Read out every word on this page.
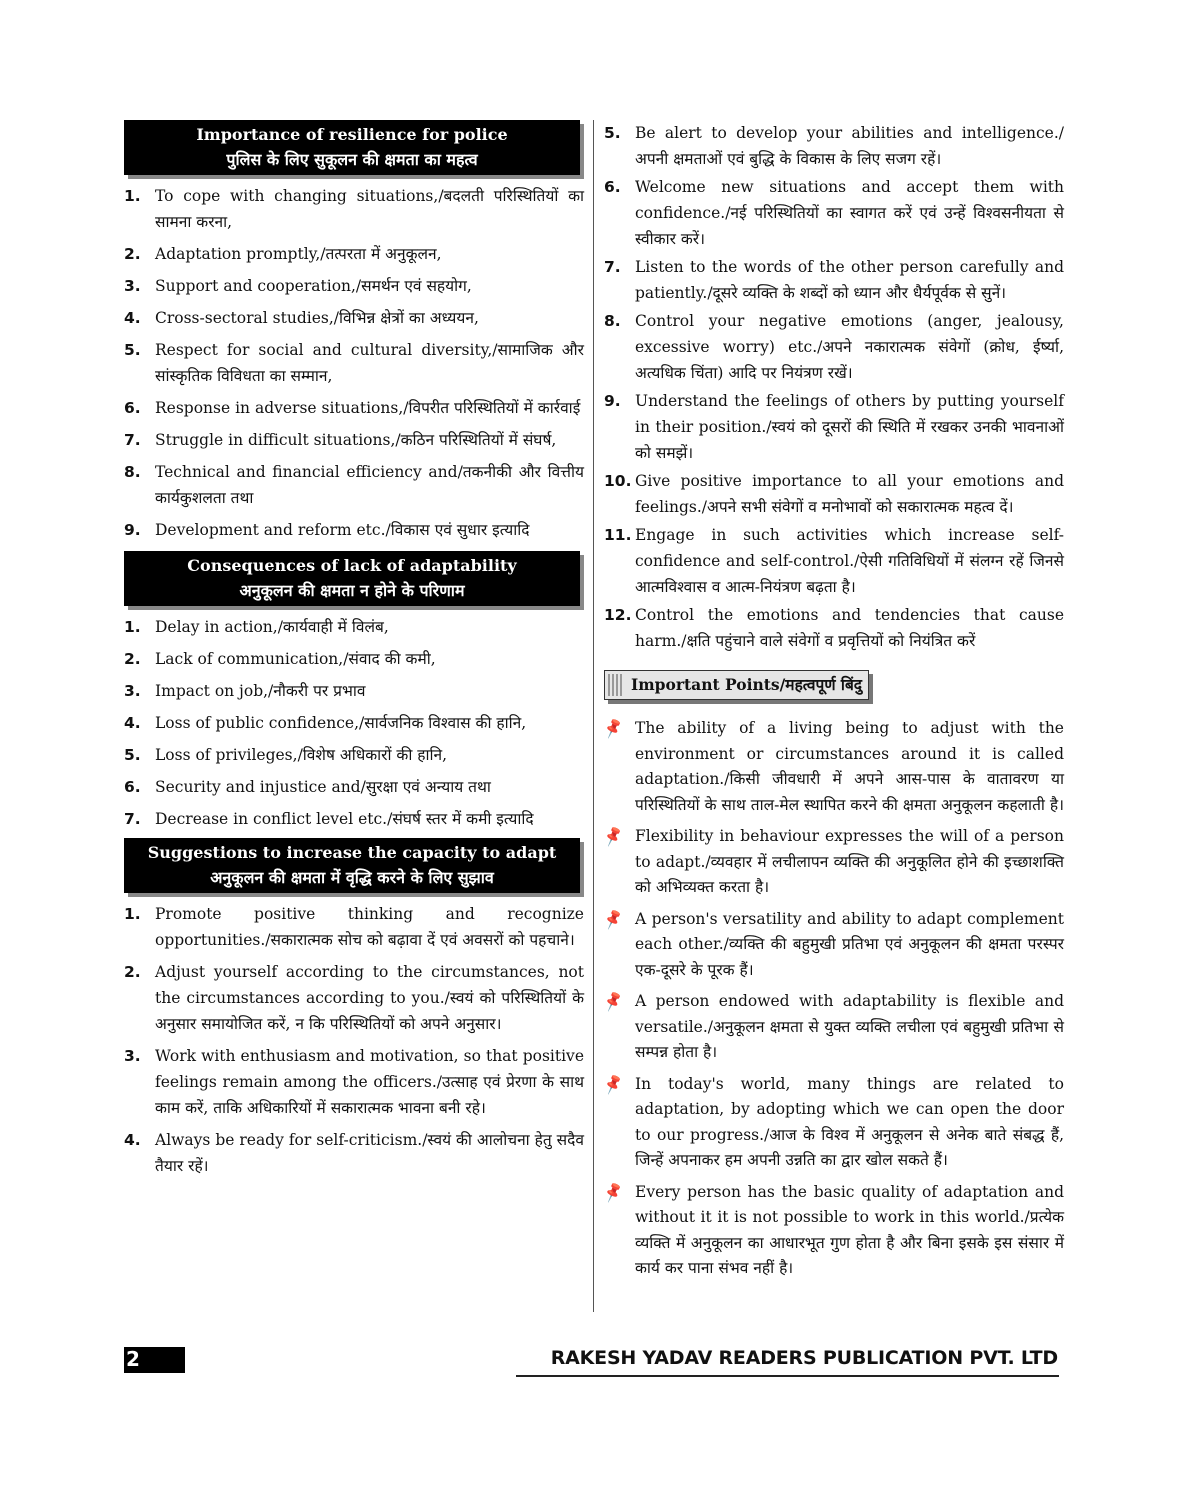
Importance of resilience for police
पुलिस के लिए सुकूलन की क्षमता का महत्व
1. To cope with changing situations,/बदलती परिस्थितियों का सामना करना,
2. Adaptation promptly,/तत्परता में अनुकूलन,
3. Support and cooperation,/समर्थन एवं सहयोग,
4. Cross-sectoral studies,/विभिन्न क्षेत्रों का अध्ययन,
5. Respect for social and cultural diversity,/सामाजिक और सांस्कृतिक विविधता का सम्मान,
6. Response in adverse situations,/विपरीत परिस्थितियों में कार्रवाई
7. Struggle in difficult situations,/कठिन परिस्थितियों में संघर्ष,
8. Technical and financial efficiency and/तकनीकी और वित्तीय कार्यकुशलता तथा
9. Development and reform etc./विकास एवं सुधार इत्यादि
Consequences of lack of adaptability
अनुकूलन की क्षमता न होने के परिणाम
1. Delay in action,/कार्यवाही में विलंब,
2. Lack of communication,/संवाद की कमी,
3. Impact on job,/नौकरी पर प्रभाव
4. Loss of public confidence,/सार्वजनिक विश्वास की हानि,
5. Loss of privileges,/विशेष अधिकारों की हानि,
6. Security and injustice and/सुरक्षा एवं अन्याय तथा
7. Decrease in conflict level etc./संघर्ष स्तर में कमी इत्यादि
Suggestions to increase the capacity to adapt
अनुकूलन की क्षमता में वृद्धि करने के लिए सुझाव
1. Promote positive thinking and recognize opportunities./सकारात्मक सोच को बढ़ावा दें एवं अवसरों को पहचाने।
2. Adjust yourself according to the circumstances, not the circumstances according to you./स्वयं को परिस्थितियों के अनुसार समायोजित करें, न कि परिस्थितियों को अपने अनुसार।
3. Work with enthusiasm and motivation, so that positive feelings remain among the officers./उत्साह एवं प्रेरणा के साथ काम करें, ताकि अधिकारियों में सकारात्मक भावना बनी रहे।
4. Always be ready for self-criticism./स्वयं की आलोचना हेतु सदैव तैयार रहें।
5. Be alert to develop your abilities and intelligence./ अपनी क्षमताओं एवं बुद्धि के विकास के लिए सजग रहें।
6. Welcome new situations and accept them with confidence./नई परिस्थितियों का स्वागत करें एवं उन्हें विश्वसनीयता से स्वीकार करें।
7. Listen to the words of the other person carefully and patiently./दूसरे व्यक्ति के शब्दों को ध्यान और धैर्यपूर्वक से सुनें।
8. Control your negative emotions (anger, jealousy, excessive worry) etc./अपने नकारात्मक संवेगों (क्रोध, ईर्ष्या, अत्यधिक चिंता) आदि पर नियंत्रण रखें।
9. Understand the feelings of others by putting yourself in their position./स्वयं को दूसरों की स्थिति में रखकर उनकी भावनाओं को समझें।
10. Give positive importance to all your emotions and feelings./अपने सभी संवेगों व मनोभावों को सकारात्मक महत्व दें।
11. Engage in such activities which increase self-confidence and self-control./ऐसी गतिविधियों में संलग्न रहें जिनसे आत्मविश्वास व आत्म-नियंत्रण बढ़ता है।
12. Control the emotions and tendencies that cause harm./क्षति पहुंचाने वाले संवेगों व प्रवृत्तियों को नियंत्रित करें
Important Points/महत्वपूर्ण बिंदु
📌 The ability of a living being to adjust with the environment or circumstances around it is called adaptation./किसी जीवधारी में अपने आस-पास के वातावरण या परिस्थितियों के साथ ताल-मेल स्थापित करने की क्षमता अनुकूलन कहलाती है।
📌 Flexibility in behaviour expresses the will of a person to adapt./व्यवहार में लचीलापन व्यक्ति की अनुकूलित होने की इच्छाशक्ति को अभिव्यक्त करता है।
📌 A person's versatility and ability to adapt complement each other./व्यक्ति की बहुमुखी प्रतिभा एवं अनुकूलन की क्षमता परस्पर एक-दूसरे के पूरक हैं।
📌 A person endowed with adaptability is flexible and versatile./अनुकूलन क्षमता से युक्त व्यक्ति लचीला एवं बहुमुखी प्रतिभा से सम्पन्न होता है।
📌 In today's world, many things are related to adaptation, by adopting which we can open the door to our progress./आज के विश्व में अनुकूलन से अनेक बाते संबद्ध हैं, जिन्हें अपनाकर हम अपनी उन्नति का द्वार खोल सकते हैं।
📌 Every person has the basic quality of adaptation and without it it is not possible to work in this world./प्रत्येक व्यक्ति में अनुकूलन का आधारभूत गुण होता है और बिना इसके इस संसार में कार्य कर पाना संभव नहीं है।
2	RAKESH YADAV READERS PUBLICATION PVT. LTD
